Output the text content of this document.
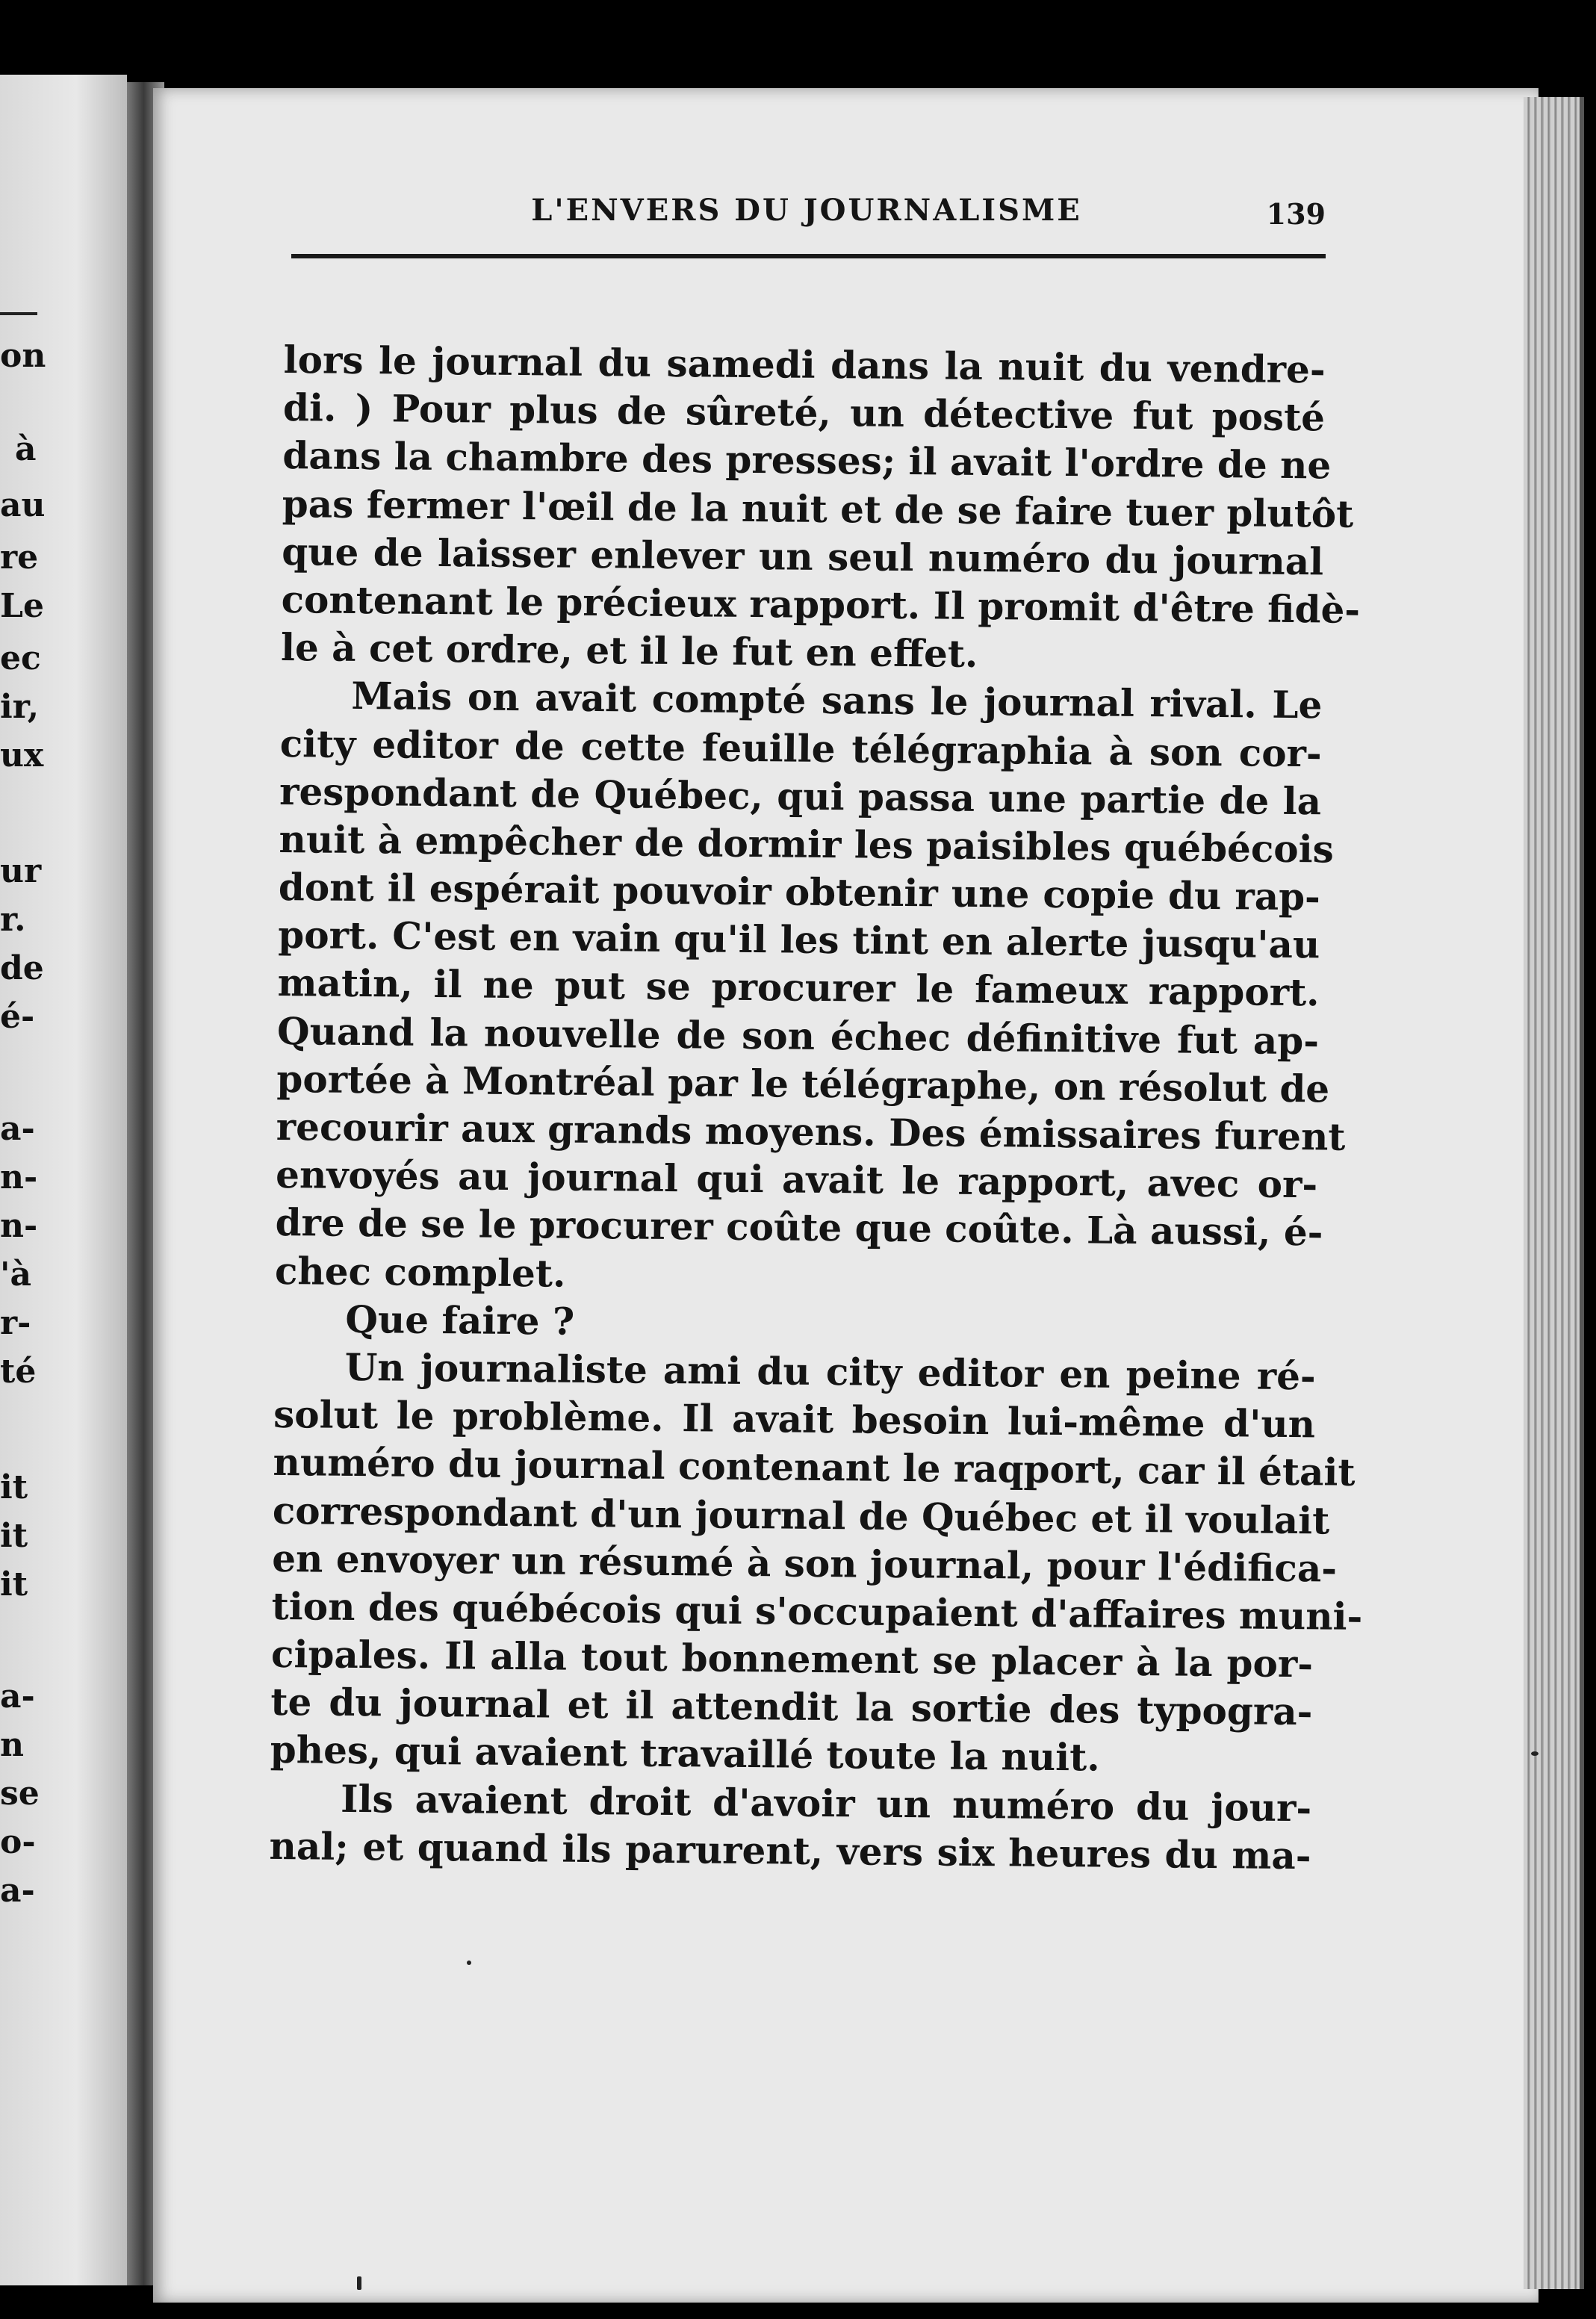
on
à
au
re
Le
ec
ir,
ux
ur
r.
de
é-
a-
n-
n-
'à
r-
té
it
it
it
a-
n
se
o-
a-
L'ENVERS DU JOURNALISME	139
lors le journal du samedi dans la nuit du vendre-
di. ) Pour plus de sûreté, un détective fut posté
dans la chambre des presses; il avait l'ordre de ne
pas fermer l'œil de la nuit et de se faire tuer plutôt
que de laisser enlever un seul numéro du journal
contenant le précieux rapport. Il promit d'être fidè-
le à cet ordre, et il le fut en effet.
Mais on avait compté sans le journal rival. Le
city editor de cette feuille télégraphia à son cor-
respondant de Québec, qui passa une partie de la
nuit à empêcher de dormir les paisibles québécois
dont il espérait pouvoir obtenir une copie du rap-
port. C'est en vain qu'il les tint en alerte jusqu'au
matin, il ne put se procurer le fameux rapport.
Quand la nouvelle de son échec définitive fut ap-
portée à Montréal par le télégraphe, on résolut de
recourir aux grands moyens. Des émissaires furent
envoyés au journal qui avait le rapport, avec or-
dre de se le procurer coûte que coûte. Là aussi, é-
chec complet.
Que faire ?
Un journaliste ami du city editor en peine ré-
solut le problème. Il avait besoin lui-même d'un
numéro du journal contenant le raqport, car il était
correspondant d'un journal de Québec et il voulait
en envoyer un résumé à son journal, pour l'édifica-
tion des québécois qui s'occupaient d'affaires muni-
cipales. Il alla tout bonnement se placer à la por-
te du journal et il attendit la sortie des typogra-
phes, qui avaient travaillé toute la nuit.
Ils avaient droit d'avoir un numéro du jour-
nal; et quand ils parurent, vers six heures du ma-
